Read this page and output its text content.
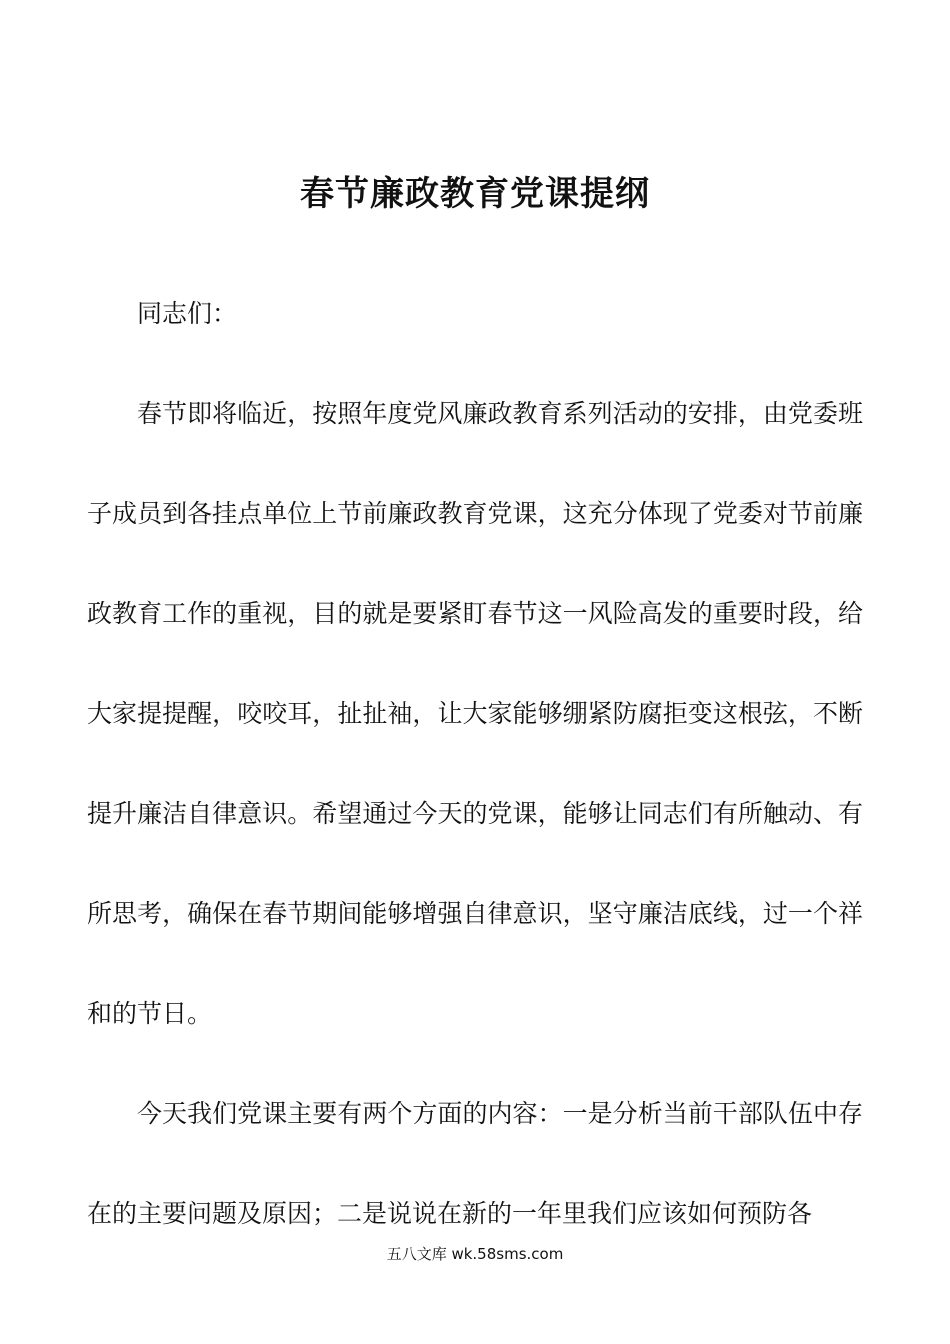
春节廉政教育党课提纲

同志们：

春节即将临近，按照年度党风廉政教育系列活动的安排，由党委班子成员到各挂点单位上节前廉政教育党课，这充分体现了党委对节前廉政教育工作的重视，目的就是要紧盯春节这一风险高发的重要时段，给大家提提醒，咬咬耳，扯扯袖，让大家能够绷紧防腐拒变这根弦，不断提升廉洁自律意识。希望通过今天的党课，能够让同志们有所触动、有所思考，确保在春节期间能够增强自律意识，坚守廉洁底线，过一个祥和的节日。

今天我们党课主要有两个方面的内容：一是分析当前干部队伍中存在的主要问题及原因；二是说说在新的一年里我们应该如何预防各

五八文库 wk.58sms.com
